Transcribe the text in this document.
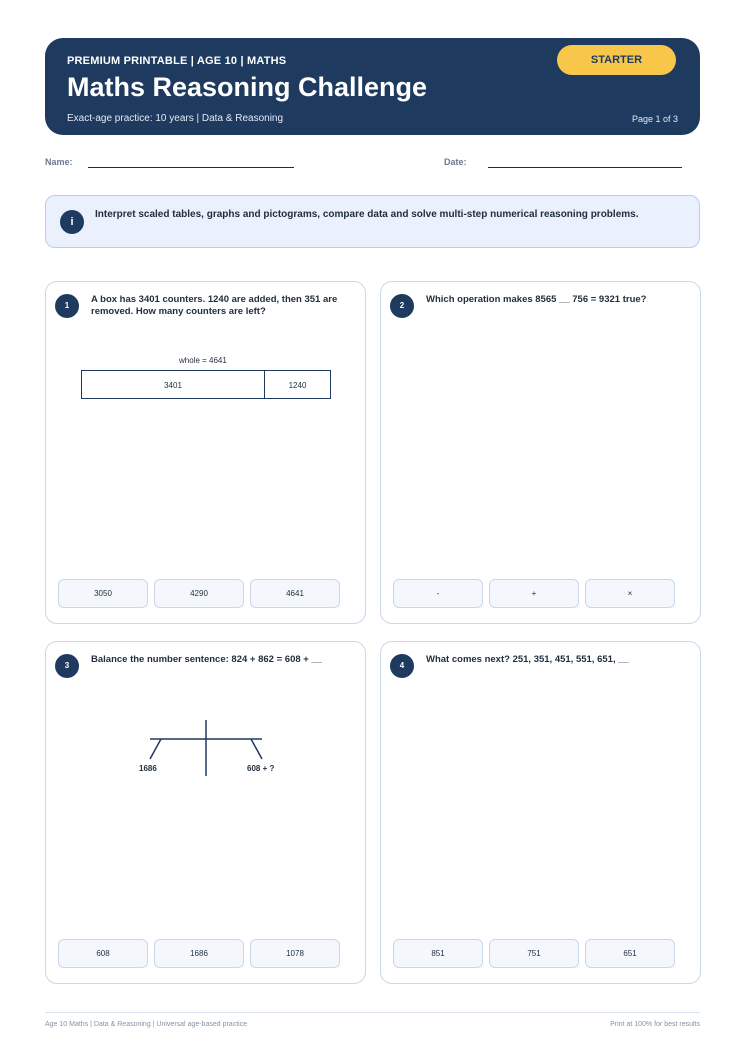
PREMIUM PRINTABLE | AGE 10 | MATHS
Maths Reasoning Challenge
Exact-age practice: 10 years | Data & Reasoning
STARTER
Page 1 of 3
Name:	Date:
i
Interpret scaled tables, graphs and pictograms, compare data and solve multi-step numerical reasoning problems.
1
A box has 3401 counters. 1240 are added, then 351 are removed. How many counters are left?
whole = 4641
3401	1240
3050	4290	4641
2
Which operation makes 8565 __ 756 = 9321 true?
-	+	×
3
Balance the number sentence: 824 + 862 = 608 + __
1686	608 + ?
608	1686	1078
4
What comes next? 251, 351, 451, 551, 651, __
851	751	651
Age 10 Maths | Data & Reasoning | Universal age-based practice	Print at 100% for best results
